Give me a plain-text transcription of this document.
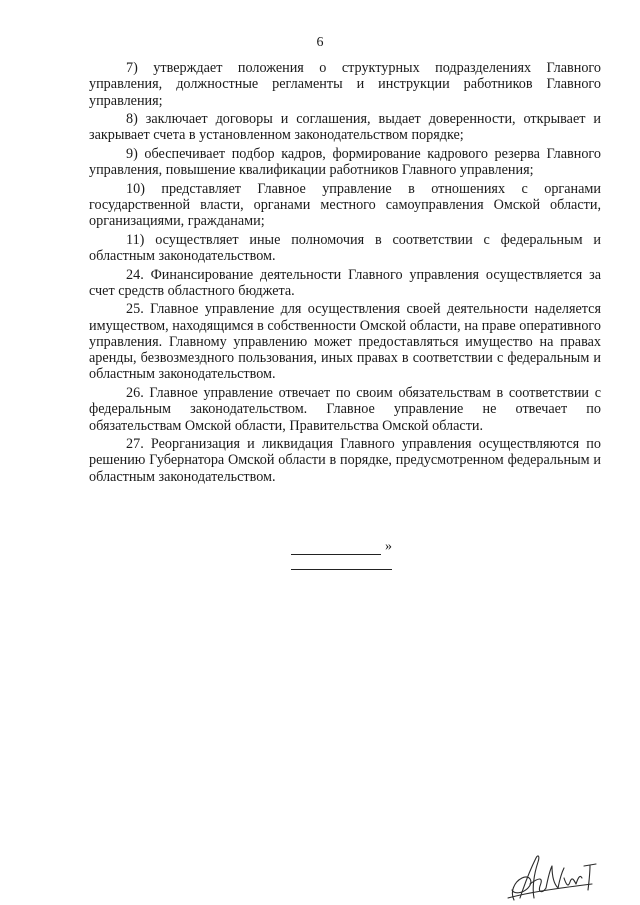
6

7) утверждает положения о структурных подразделениях Главного управления, должностные регламенты и инструкции работников Главного управления;

8) заключает договоры и соглашения, выдает доверенности, открывает и закрывает счета в установленном законодательством порядке;

9) обеспечивает подбор кадров, формирование кадрового резерва Главного управления, повышение квалификации работников Главного управления;

10) представляет Главное управление в отношениях с органами государственной власти, органами местного самоуправления Омской области, организациями, гражданами;

11) осуществляет иные полномочия в соответствии с федеральным и областным законодательством.

24. Финансирование деятельности Главного управления осуществляется за счет средств областного бюджета.

25. Главное управление для осуществления своей деятельности наделяется имуществом, находящимся в собственности Омской области, на праве оперативного управления. Главному управлению может предоставляться имущество на правах аренды, безвозмездного пользования, иных правах в соответствии с федеральным и областным законодательством.

26. Главное управление отвечает по своим обязательствам в соответствии с федеральным законодательством. Главное управление не отвечает по обязательствам Омской области, Правительства Омской области.

27. Реорганизация и ликвидация Главного управления осуществляются по решению Губернатора Омской области в порядке, предусмотренном федеральным и областным законодательством.

»
